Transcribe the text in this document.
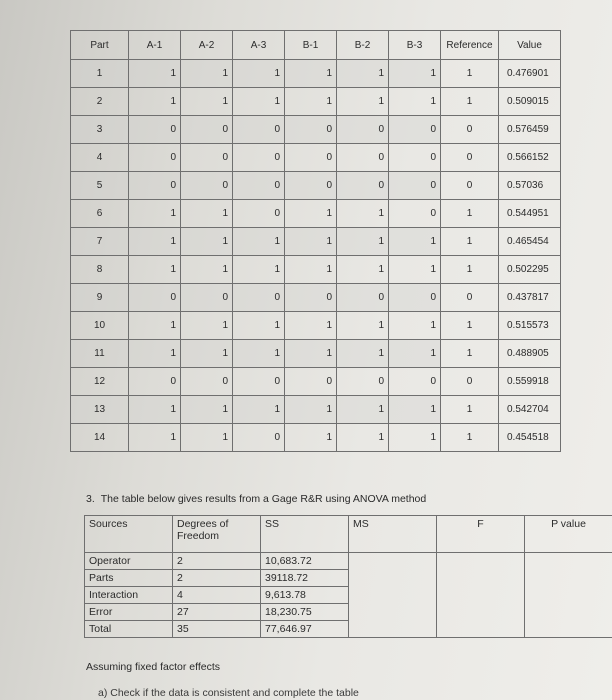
Part	A-1	A-2	A-3	B-1	B-2	B-3	Reference	Value
1	1	1	1	1	1	1	1	0.476901
2	1	1	1	1	1	1	1	0.509015
3	0	0	0	0	0	0	0	0.576459
4	0	0	0	0	0	0	0	0.566152
5	0	0	0	0	0	0	0	0.57036
6	1	1	0	1	1	0	1	0.544951
7	1	1	1	1	1	1	1	0.465454
8	1	1	1	1	1	1	1	0.502295
9	0	0	0	0	0	0	0	0.437817
10	1	1	1	1	1	1	1	0.515573
11	1	1	1	1	1	1	1	0.488905
12	0	0	0	0	0	0	0	0.559918
13	1	1	1	1	1	1	1	0.542704
14	1	1	0	1	1	1	1	0.454518
3. The table below gives results from a Gage R&R using ANOVA method
Sources	Degrees of Freedom	SS	MS	F	P value
Operator	2	10,683.72			
Parts	2	39118.72			
Interaction	4	9,613.78			
Error	27	18,230.75			
Total	35	77,646.97			
Assuming fixed factor effects
a) Check if the data is consistent and complete the table
